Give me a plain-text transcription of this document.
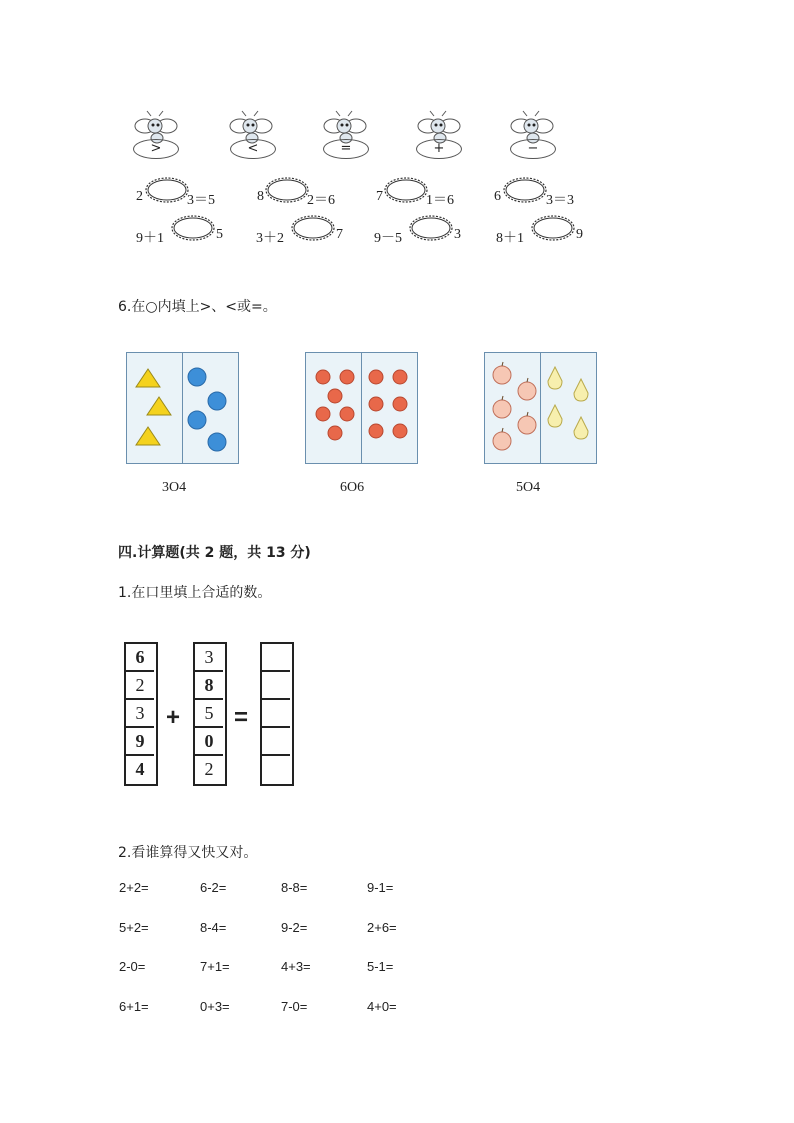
>	<	=	+	−
2	3＝5	8	2＝6	7	1＝6	6	3＝3
9＋1	5 3＋2	7 9－5	3	8＋1	9
6.在○内填上>、<或=。
3O4	6O6	5O4
四.计算题(共 2 题，共 13 分)
1.在口里填上合适的数。
6
2
3
9
4
+
3
8
5
0
2
=
2.看谁算得又快又对。
2+2=	6-2=	8-8=	9-1=
5+2=	8-4=	9-2=	2+6=
2-0=	7+1=	4+3=	5-1=
6+1=	0+3=	7-0=	4+0=
